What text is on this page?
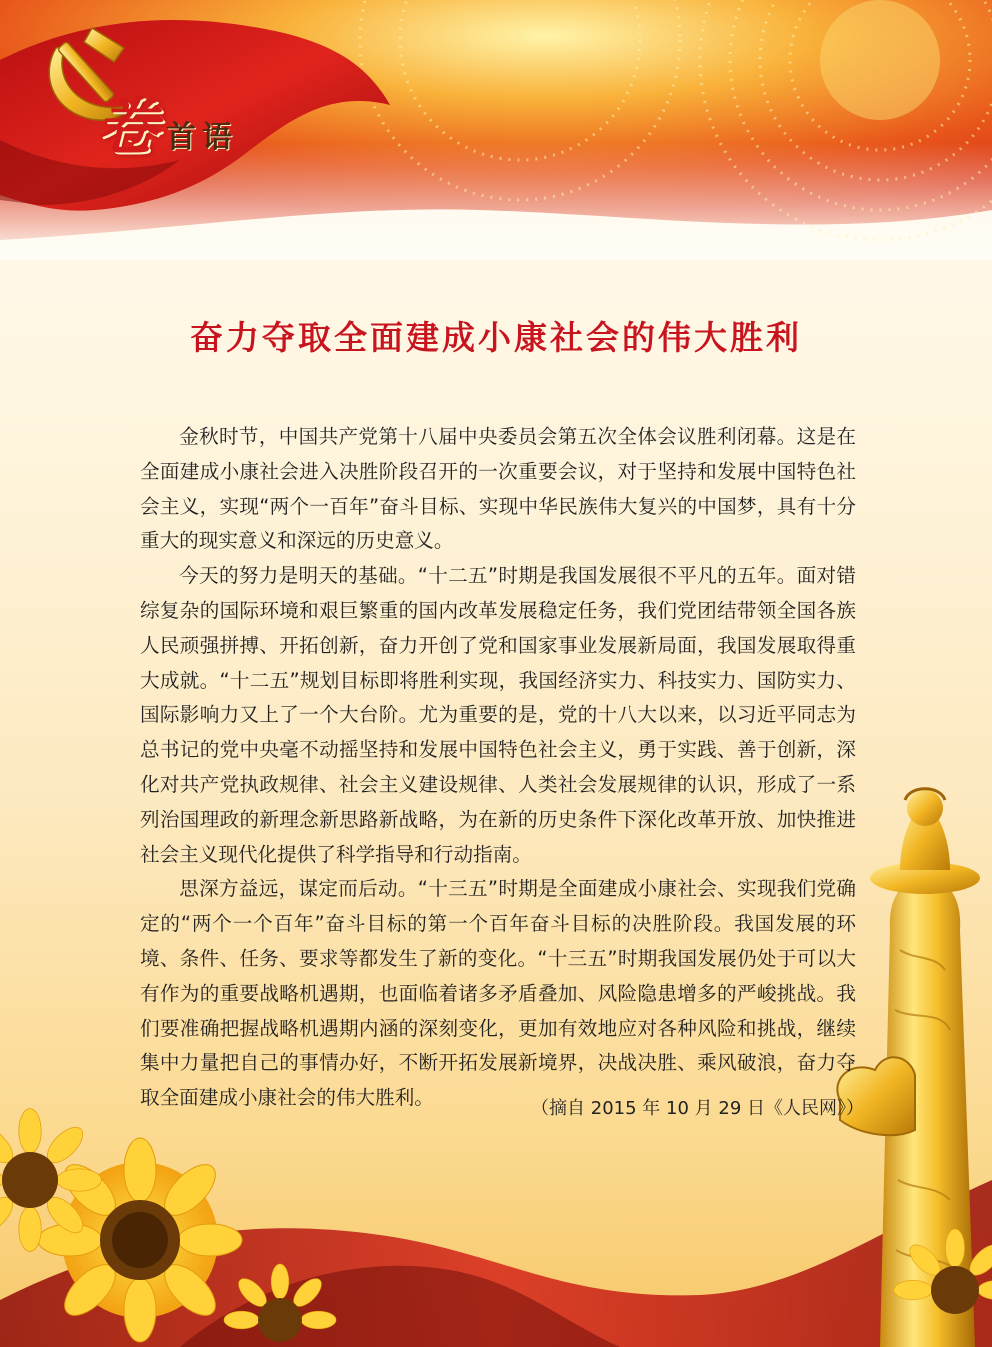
卷 首语
奋力夺取全面建成小康社会的伟大胜利

金秋时节，中国共产党第十八届中央委员会第五次全体会议胜利闭幕。这是在全面建成小康社会进入决胜阶段召开的一次重要会议，对于坚持和发展中国特色社会主义，实现“两个一百年”奋斗目标、实现中华民族伟大复兴的中国梦，具有十分重大的现实意义和深远的历史意义。

今天的努力是明天的基础。“十二五”时期是我国发展很不平凡的五年。面对错综复杂的国际环境和艰巨繁重的国内改革发展稳定任务，我们党团结带领全国各族人民顽强拼搏、开拓创新，奋力开创了党和国家事业发展新局面，我国发展取得重大成就。“十二五”规划目标即将胜利实现，我国经济实力、科技实力、国防实力、国际影响力又上了一个大台阶。尤为重要的是，党的十八大以来，以习近平同志为总书记的党中央毫不动摇坚持和发展中国特色社会主义，勇于实践、善于创新，深化对共产党执政规律、社会主义建设规律、人类社会发展规律的认识，形成了一系列治国理政的新理念新思路新战略，为在新的历史条件下深化改革开放、加快推进社会主义现代化提供了科学指导和行动指南。

思深方益远，谋定而后动。“十三五”时期是全面建成小康社会、实现我们党确定的“两个一个百年”奋斗目标的第一个百年奋斗目标的决胜阶段。我国发展的环境、条件、任务、要求等都发生了新的变化。“十三五”时期我国发展仍处于可以大有作为的重要战略机遇期，也面临着诸多矛盾叠加、风险隐患增多的严峻挑战。我们要准确把握战略机遇期内涵的深刻变化，更加有效地应对各种风险和挑战，继续集中力量把自己的事情办好，不断开拓发展新境界，决战决胜、乘风破浪，奋力夺取全面建成小康社会的伟大胜利。	（摘自 2015 年 10 月 29 日《人民网》）
